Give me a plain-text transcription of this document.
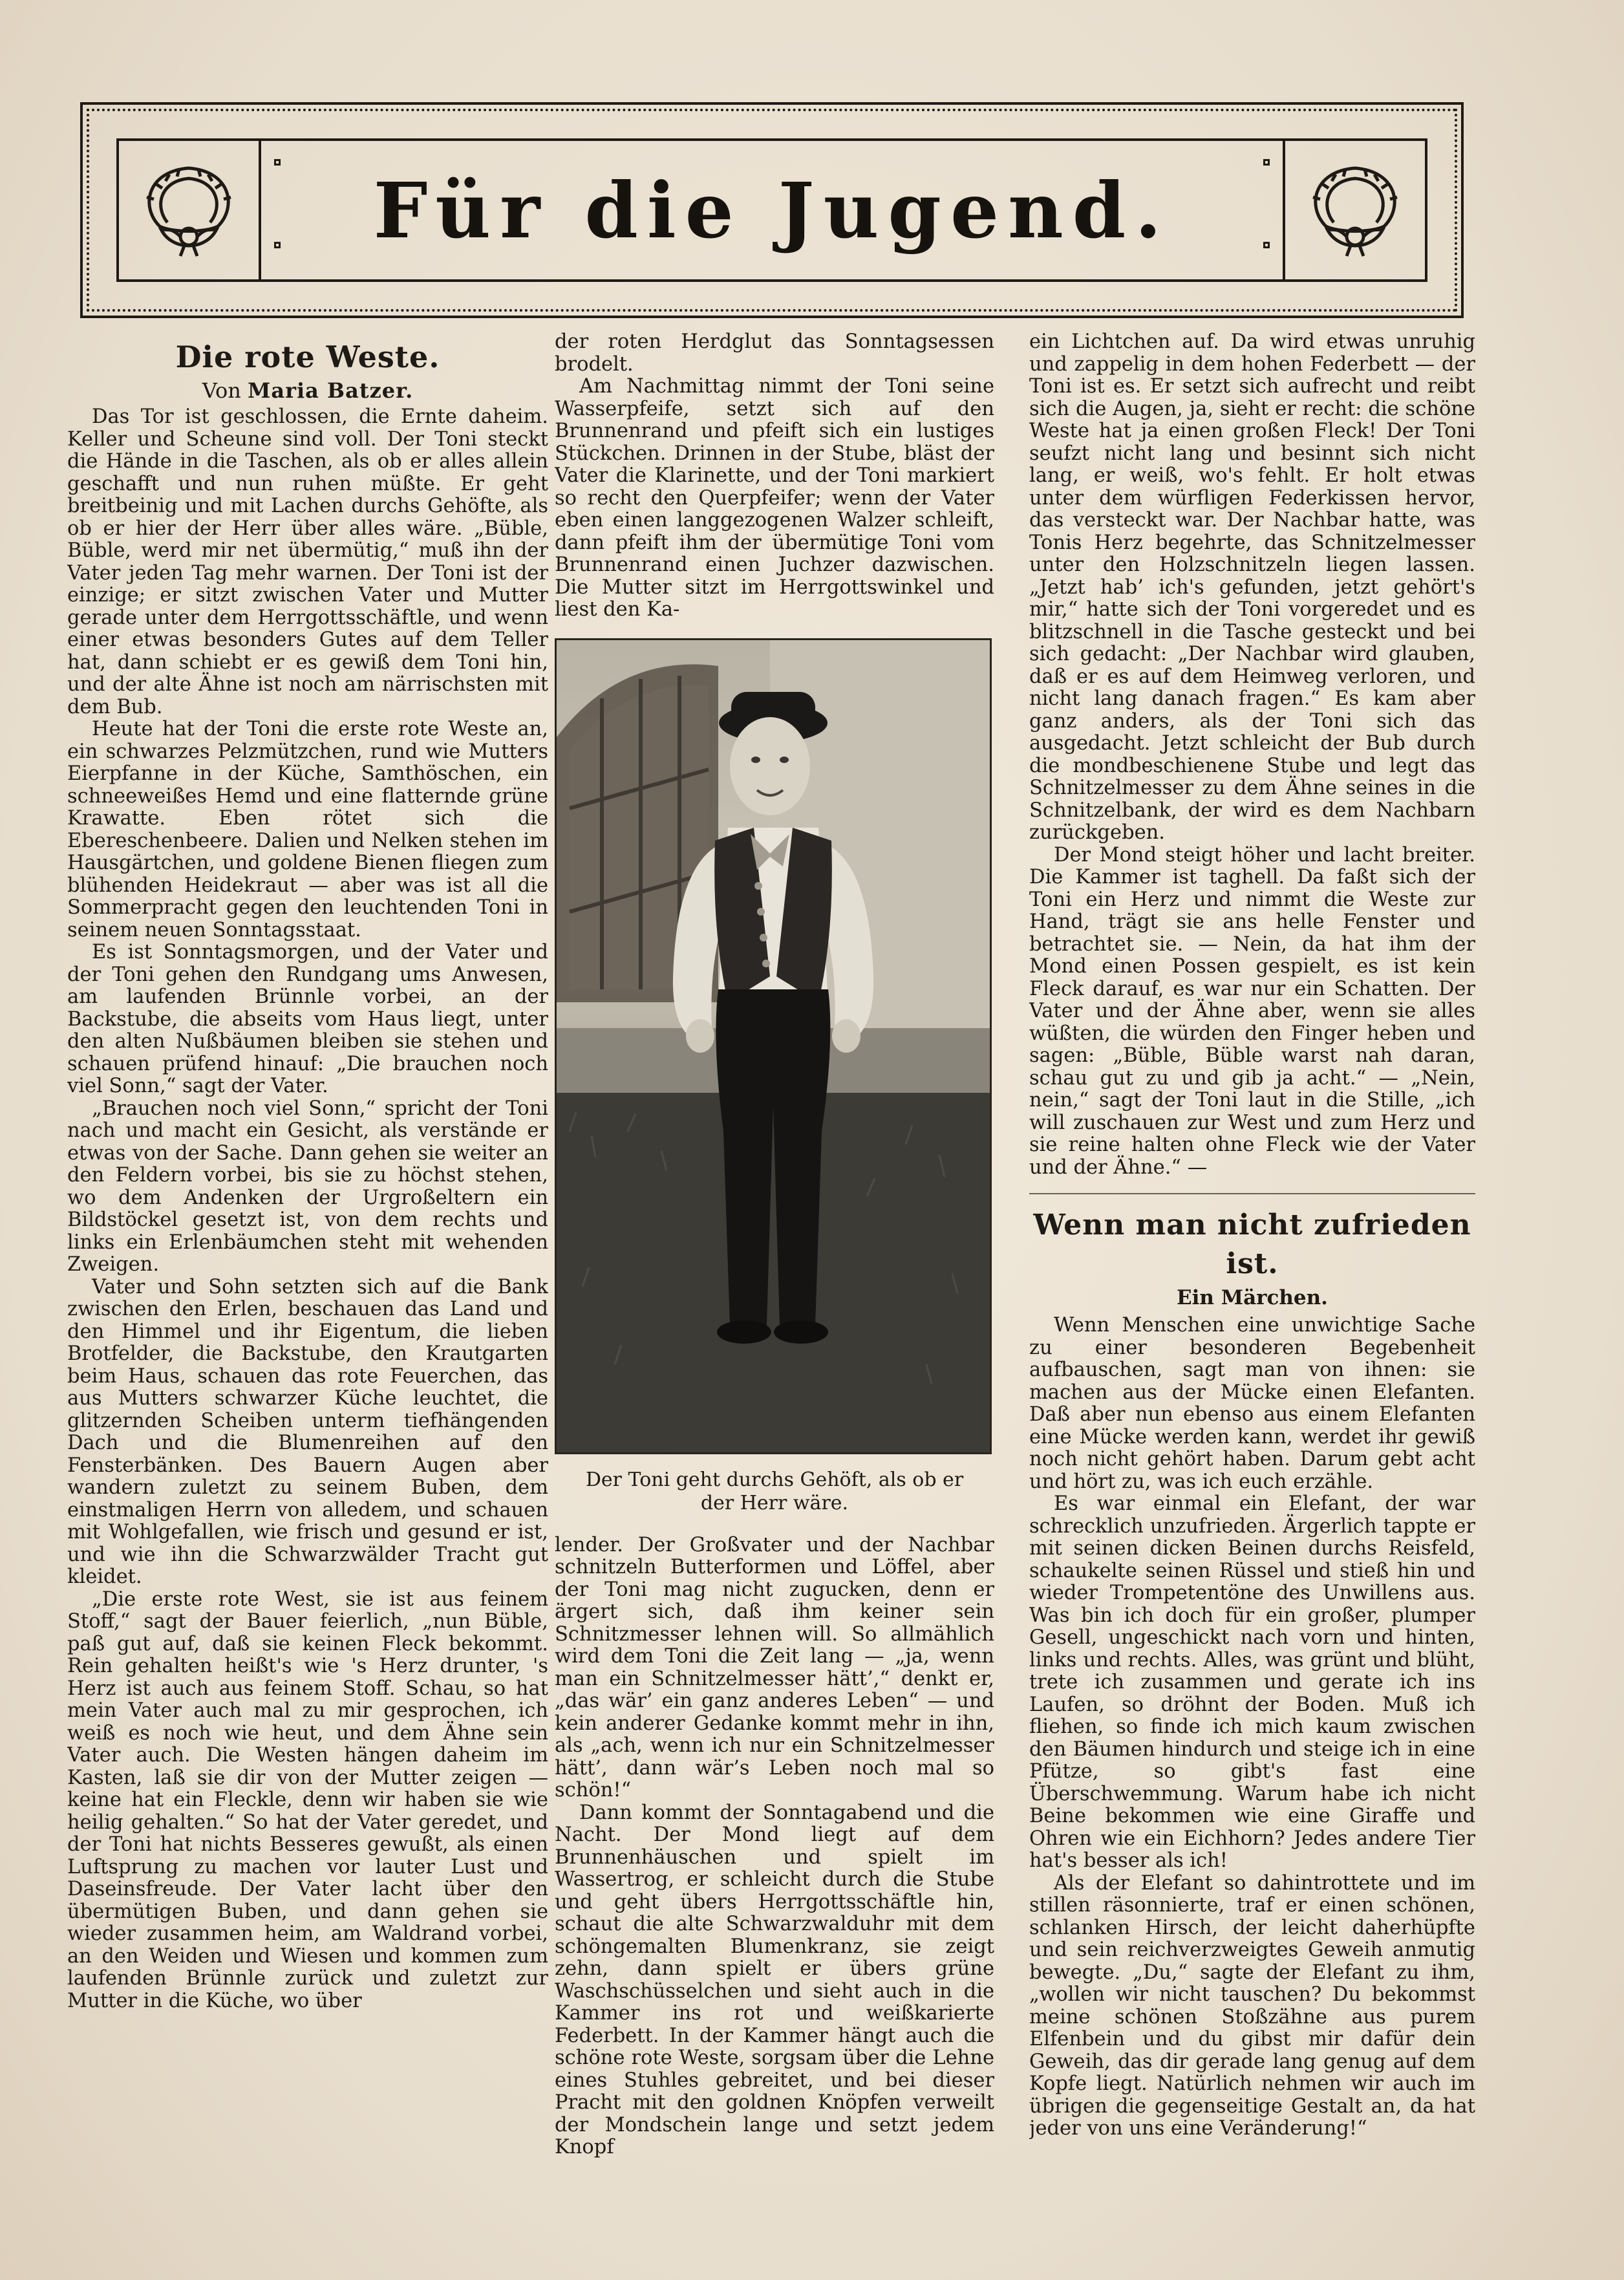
Für die Jugend.
Die rote Weste.
Von Maria Batzer.

Das Tor ist geschlossen, die Ernte daheim. Keller und Scheune sind voll. Der Toni steckt die Hände in die Taschen, als ob er alles allein geschafft und nun ruhen müßte. Er geht breitbeinig und mit Lachen durchs Gehöfte, als ob er hier der Herr über alles wäre. „Büble, Büble, werd mir net übermütig,“ muß ihn der Vater jeden Tag mehr warnen. Der Toni ist der einzige; er sitzt zwischen Vater und Mutter gerade unter dem Herrgottsschäftle, und wenn einer etwas besonders Gutes auf dem Teller hat, dann schiebt er es gewiß dem Toni hin, und der alte Ähne ist noch am närrischsten mit dem Bub.

Heute hat der Toni die erste rote Weste an, ein schwarzes Pelzmützchen, rund wie Mutters Eierpfanne in der Küche, Samthöschen, ein schneeweißes Hemd und eine flatternde grüne Krawatte. Eben rötet sich die Ebereschenbeere. Dalien und Nelken stehen im Hausgärtchen, und goldene Bienen fliegen zum blühenden Heidekraut — aber was ist all die Sommerpracht gegen den leuchtenden Toni in seinem neuen Sonntagsstaat.

Es ist Sonntagsmorgen, und der Vater und der Toni gehen den Rundgang ums Anwesen, am laufenden Brünnle vorbei, an der Backstube, die abseits vom Haus liegt, unter den alten Nußbäumen bleiben sie stehen und schauen prüfend hinauf: „Die brauchen noch viel Sonn,“ sagt der Vater.

„Brauchen noch viel Sonn,“ spricht der Toni nach und macht ein Gesicht, als verstände er etwas von der Sache. Dann gehen sie weiter an den Feldern vorbei, bis sie zu höchst stehen, wo dem Andenken der Urgroßeltern ein Bildstöckel gesetzt ist, von dem rechts und links ein Erlenbäumchen steht mit wehenden Zweigen.

Vater und Sohn setzten sich auf die Bank zwischen den Erlen, beschauen das Land und den Himmel und ihr Eigentum, die lieben Brotfelder, die Backstube, den Krautgarten beim Haus, schauen das rote Feuerchen, das aus Mutters schwarzer Küche leuchtet, die glitzernden Scheiben unterm tiefhängenden Dach und die Blumenreihen auf den Fensterbänken. Des Bauern Augen aber wandern zuletzt zu seinem Buben, dem einstmaligen Herrn von alledem, und schauen mit Wohlgefallen, wie frisch und gesund er ist, und wie ihn die Schwarzwälder Tracht gut kleidet.

„Die erste rote West, sie ist aus feinem Stoff,“ sagt der Bauer feierlich, „nun Büble, paß gut auf, daß sie keinen Fleck bekommt. Rein gehalten heißt's wie 's Herz drunter, 's Herz ist auch aus feinem Stoff. Schau, so hat mein Vater auch mal zu mir gesprochen, ich weiß es noch wie heut, und dem Ähne sein Vater auch. Die Westen hängen daheim im Kasten, laß sie dir von der Mutter zeigen — keine hat ein Fleckle, denn wir haben sie wie heilig gehalten.“ So hat der Vater geredet, und der Toni hat nichts Besseres gewußt, als einen Luftsprung zu machen vor lauter Lust und Daseinsfreude. Der Vater lacht über den übermütigen Buben, und dann gehen sie wieder zusammen heim, am Waldrand vorbei, an den Weiden und Wiesen und kommen zum laufenden Brünnle zurück und zuletzt zur Mutter in die Küche, wo über

der roten Herdglut das Sonntagsessen brodelt.

Am Nachmittag nimmt der Toni seine Wasserpfeife, setzt sich auf den Brunnenrand und pfeift sich ein lustiges Stückchen. Drinnen in der Stube, bläst der Vater die Klarinette, und der Toni markiert so recht den Querpfeifer; wenn der Vater eben einen langgezogenen Walzer schleift, dann pfeift ihm der übermütige Toni vom Brunnenrand einen Juchzer dazwischen. Die Mutter sitzt im Herrgottswinkel und liest den Ka-

Der Toni geht durchs Gehöft, als ob er der Herr wäre.

lender. Der Großvater und der Nachbar schnitzeln Butterformen und Löffel, aber der Toni mag nicht zugucken, denn er ärgert sich, daß ihm keiner sein Schnitzmesser lehnen will. So allmählich wird dem Toni die Zeit lang — „ja, wenn man ein Schnitzelmesser hätt’,“ denkt er, „das wär’ ein ganz anderes Leben“ — und kein anderer Gedanke kommt mehr in ihn, als „ach, wenn ich nur ein Schnitzelmesser hätt’, dann wär’s Leben noch mal so schön!“

Dann kommt der Sonntagabend und die Nacht. Der Mond liegt auf dem Brunnenhäuschen und spielt im Wassertrog, er schleicht durch die Stube und geht übers Herrgottsschäftle hin, schaut die alte Schwarzwalduhr mit dem schöngemalten Blumenkranz, sie zeigt zehn, dann spielt er übers grüne Waschschüsselchen und sieht auch in die Kammer ins rot und weißkarierte Federbett. In der Kammer hängt auch die schöne rote Weste, sorgsam über die Lehne eines Stuhles gebreitet, und bei dieser Pracht mit den goldnen Knöpfen verweilt der Mondschein lange und setzt jedem Knopf

ein Lichtchen auf. Da wird etwas unruhig und zappelig in dem hohen Federbett — der Toni ist es. Er setzt sich aufrecht und reibt sich die Augen, ja, sieht er recht: die schöne Weste hat ja einen großen Fleck! Der Toni seufzt nicht lang und besinnt sich nicht lang, er weiß, wo's fehlt. Er holt etwas unter dem würfligen Federkissen hervor, das versteckt war. Der Nachbar hatte, was Tonis Herz begehrte, das Schnitzelmesser unter den Holzschnitzeln liegen lassen. „Jetzt hab’ ich's gefunden, jetzt gehört's mir,“ hatte sich der Toni vorgeredet und es blitzschnell in die Tasche gesteckt und bei sich gedacht: „Der Nachbar wird glauben, daß er es auf dem Heimweg verloren, und nicht lang danach fragen.“ Es kam aber ganz anders, als der Toni sich das ausgedacht. Jetzt schleicht der Bub durch die mondbeschienene Stube und legt das Schnitzelmesser zu dem Ähne seines in die Schnitzelbank, der wird es dem Nachbarn zurückgeben.

Der Mond steigt höher und lacht breiter. Die Kammer ist taghell. Da faßt sich der Toni ein Herz und nimmt die Weste zur Hand, trägt sie ans helle Fenster und betrachtet sie. — Nein, da hat ihm der Mond einen Possen gespielt, es ist kein Fleck darauf, es war nur ein Schatten. Der Vater und der Ähne aber, wenn sie alles wüßten, die würden den Finger heben und sagen: „Büble, Büble warst nah daran, schau gut zu und gib ja acht.“ — „Nein, nein,“ sagt der Toni laut in die Stille, „ich will zuschauen zur West und zum Herz und sie reine halten ohne Fleck wie der Vater und der Ähne.“ —

Wenn man nicht zufrieden ist.
Ein Märchen.

Wenn Menschen eine unwichtige Sache zu einer besonderen Begebenheit aufbauschen, sagt man von ihnen: sie machen aus der Mücke einen Elefanten. Daß aber nun ebenso aus einem Elefanten eine Mücke werden kann, werdet ihr gewiß noch nicht gehört haben. Darum gebt acht und hört zu, was ich euch erzähle.

Es war einmal ein Elefant, der war schrecklich unzufrieden. Ärgerlich tappte er mit seinen dicken Beinen durchs Reisfeld, schaukelte seinen Rüssel und stieß hin und wieder Trompetentöne des Unwillens aus. Was bin ich doch für ein großer, plumper Gesell, ungeschickt nach vorn und hinten, links und rechts. Alles, was grünt und blüht, trete ich zusammen und gerate ich ins Laufen, so dröhnt der Boden. Muß ich fliehen, so finde ich mich kaum zwischen den Bäumen hindurch und steige ich in eine Pfütze, so gibt's fast eine Überschwemmung. Warum habe ich nicht Beine bekommen wie eine Giraffe und Ohren wie ein Eichhorn? Jedes andere Tier hat's besser als ich!

Als der Elefant so dahintrottete und im stillen räsonnierte, traf er einen schönen, schlanken Hirsch, der leicht daherhüpfte und sein reichverzweigtes Geweih anmutig bewegte. „Du,“ sagte der Elefant zu ihm, „wollen wir nicht tauschen? Du bekommst meine schönen Stoßzähne aus purem Elfenbein und du gibst mir dafür dein Geweih, das dir gerade lang genug auf dem Kopfe liegt. Natürlich nehmen wir auch im übrigen die gegenseitige Gestalt an, da hat jeder von uns eine Veränderung!“
